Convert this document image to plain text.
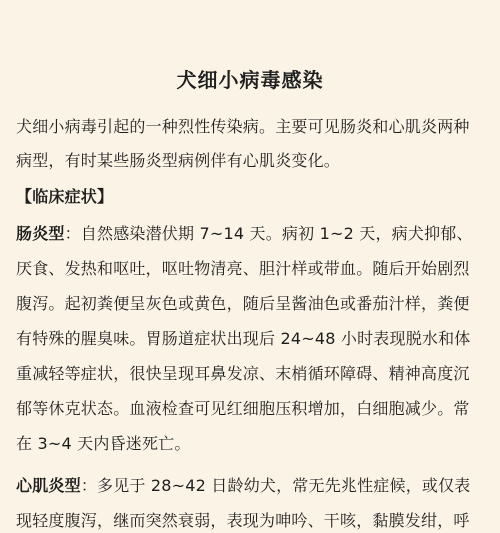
犬细小病毒感染
犬细小病毒引起的一种烈性传染病。主要可见肠炎和心肌炎两种
病型，有时某些肠炎型病例伴有心肌炎变化。
【临床症状】
肠炎型：自然感染潜伏期 7~14 天。病初 1~2 天，病犬抑郁、
厌食、发热和呕吐，呕吐物清亮、胆汁样或带血。随后开始剧烈
腹泻。起初粪便呈灰色或黄色，随后呈酱油色或番茄汁样，粪便
有特殊的腥臭味。胃肠道症状出现后 24~48 小时表现脱水和体
重减轻等症状，很快呈现耳鼻发凉、末梢循环障碍、精神高度沉
郁等休克状态。血液检查可见红细胞压积增加，白细胞减少。常
在 3~4 天内昏迷死亡。
心肌炎型：多见于 28~42 日龄幼犬，常无先兆性症候，或仅表
现轻度腹泻，继而突然衰弱，表现为呻吟、干咳，黏膜发绀，呼
